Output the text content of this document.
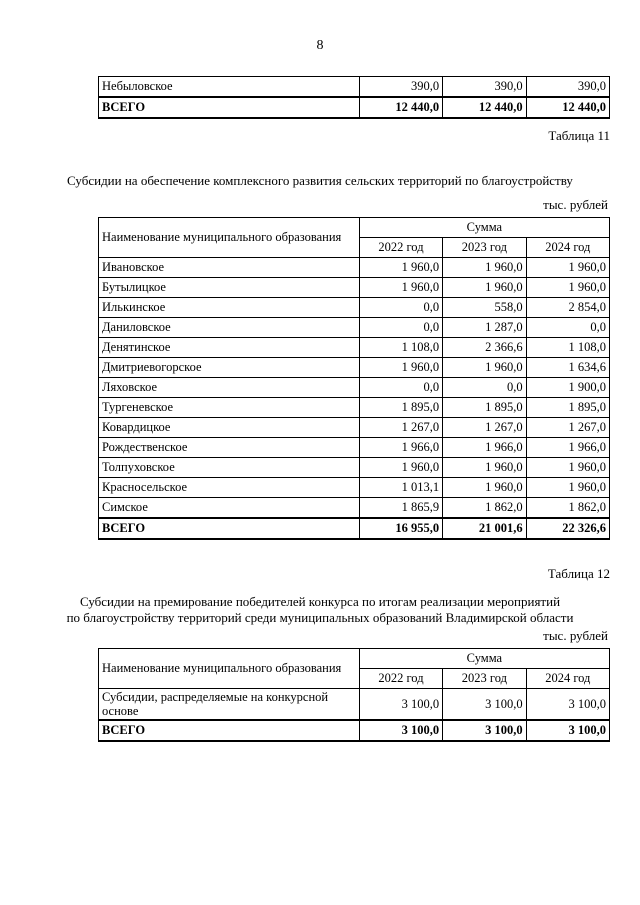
8
Небыловское	390,0	390,0	390,0
ВСЕГО	12 440,0	12 440,0	12 440,0
Таблица 11
Субсидии на обеспечение комплексного развития сельских территорий по благоустройству
тыс. рублей
Наименование муниципального образования	Сумма		
	2022 год	2023 год	2024 год
Ивановское	1 960,0	1 960,0	1 960,0
Бутылицкое	1 960,0	1 960,0	1 960,0
Илькинское	0,0	558,0	2 854,0
Даниловское	0,0	1 287,0	0,0
Денятинское	1 108,0	2 366,6	1 108,0
Дмитриевогорское	1 960,0	1 960,0	1 634,6
Ляховское	0,0	0,0	1 900,0
Тургеневское	1 895,0	1 895,0	1 895,0
Ковардицкое	1 267,0	1 267,0	1 267,0
Рождественское	1 966,0	1 966,0	1 966,0
Толпуховское	1 960,0	1 960,0	1 960,0
Красносельское	1 013,1	1 960,0	1 960,0
Симское	1 865,9	1 862,0	1 862,0
ВСЕГО	16 955,0	21 001,6	22 326,6
Таблица 12
Субсидии на премирование победителей конкурса по итогам реализации мероприятий
по благоустройству территорий среди муниципальных образований Владимирской области
тыс. рублей
Наименование муниципального образования	Сумма		
	2022 год	2023 год	2024 год
Субсидии, распределяемые на конкурсной основе	3 100,0	3 100,0	3 100,0
ВСЕГО	3 100,0	3 100,0	3 100,0
